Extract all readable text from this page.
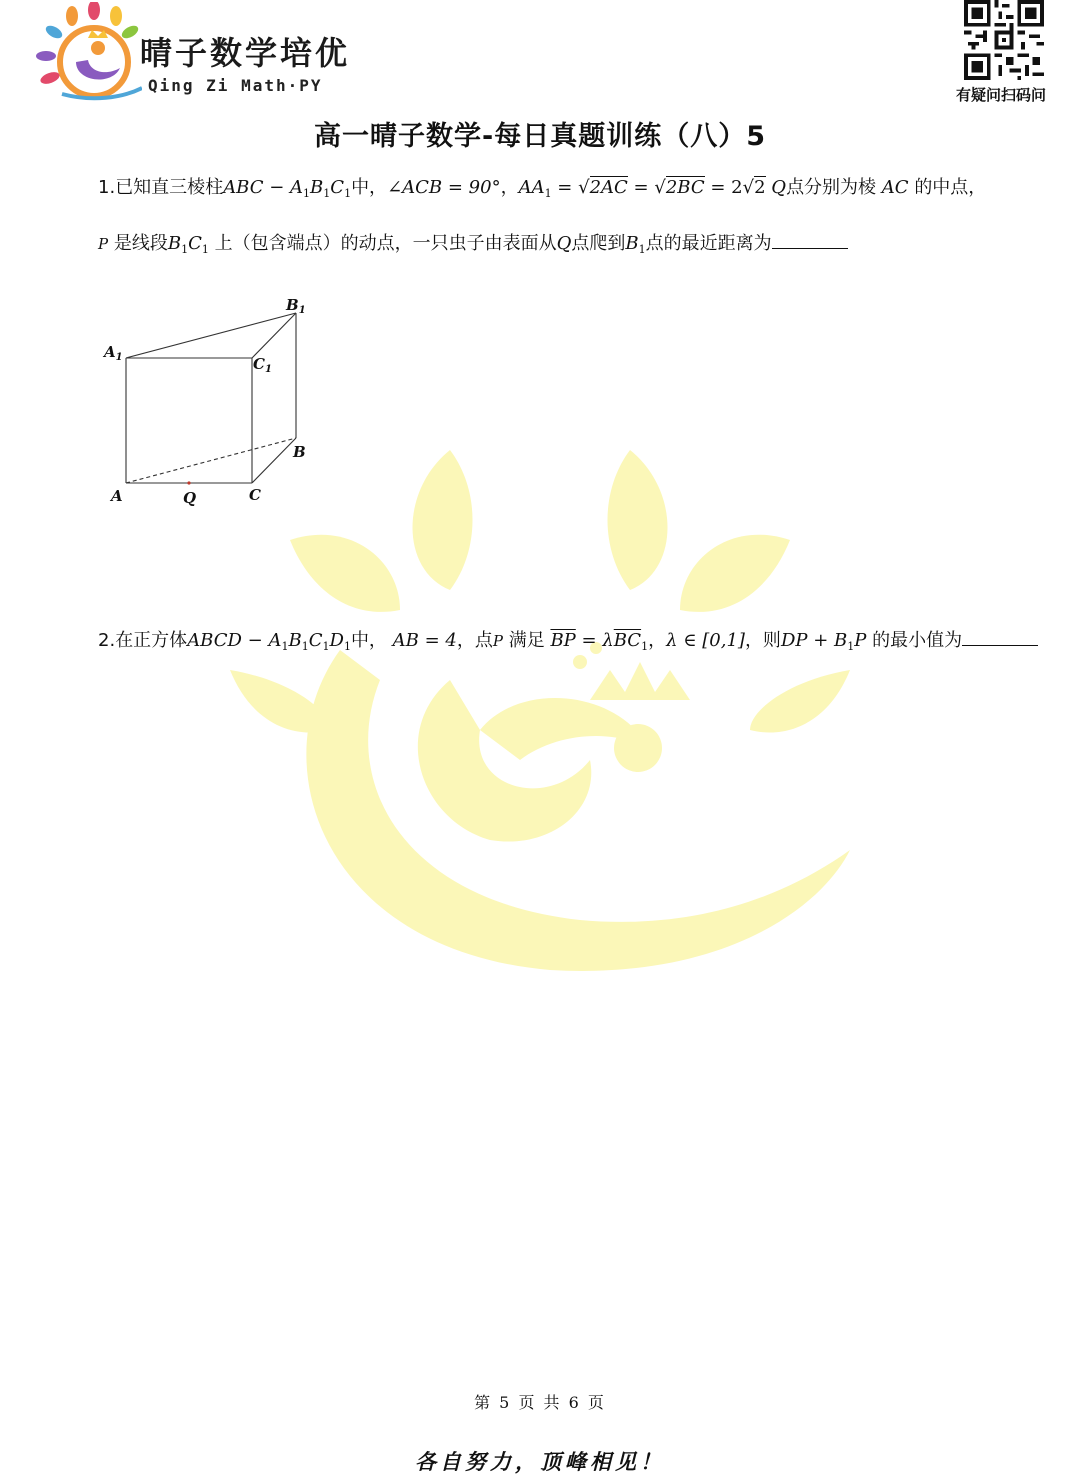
晴子数学培优
Qing Zi Math·PY	有疑问扫码问
高一晴子数学-每日真题训练（八）5
1.已知直三棱柱ABC − $A_1B_1C_1$中，∠ACB = 90°，$AA_1 = √2AC = √2BC = 2√2$ Q点分别为棱 AC 的中点，
P 是线段$B_1C_1$ 上（包含端点）的动点，一只虫子由表面从Q点爬到$B_1$点的最近距离为
$A_1$
$B_1$
$C_1$
A
B
C
Q
2.在正方体ABCD − $A_1B_1C_1D_1$中， AB = 4，点P 满足 $\overline{BP} = \lambda\overline{BC}_1$，λ ∈ [0,1]，则DP + $B_1P$ 的最小值为
第 5 页 共 6 页
各自努力，顶峰相见！
